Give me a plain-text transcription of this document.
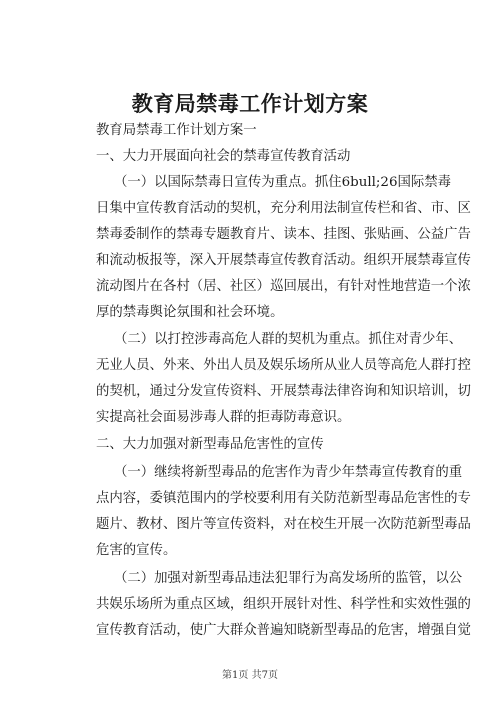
教育局禁毒工作计划方案
教育局禁毒工作计划方案一
一、大力开展面向社会的禁毒宣传教育活动
（一）以国际禁毒日宣传为重点。抓住6bull;26国际禁毒
日集中宣传教育活动的契机，充分利用法制宣传栏和省、市、区
禁毒委制作的禁毒专题教育片、读本、挂图、张贴画、公益广告
和流动板报等，深入开展禁毒宣传教育活动。组织开展禁毒宣传
流动图片在各村（居、社区）巡回展出，有针对性地营造一个浓
厚的禁毒舆论氛围和社会环境。
（二）以打控涉毒高危人群的契机为重点。抓住对青少年、
无业人员、外来、外出人员及娱乐场所从业人员等高危人群打控
的契机，通过分发宣传资料、开展禁毒法律咨询和知识培训，切
实提高社会面易涉毒人群的拒毒防毒意识。
二、大力加强对新型毒品危害性的宣传
（一）继续将新型毒品的危害作为青少年禁毒宣传教育的重
点内容，委镇范围内的学校要利用有关防范新型毒品危害性的专
题片、教材、图片等宣传资料，对在校生开展一次防范新型毒品
危害的宣传。
（二）加强对新型毒品违法犯罪行为高发场所的监管，以公
共娱乐场所为重点区域，组织开展针对性、科学性和实效性强的
宣传教育活动，使广大群众普遍知晓新型毒品的危害，增强自觉
第1页 共7页
